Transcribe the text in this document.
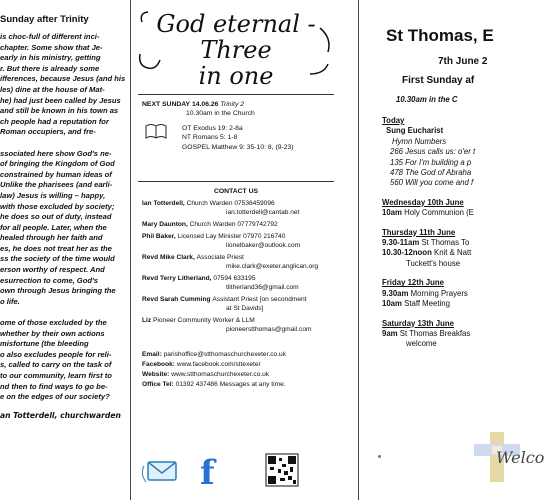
Sunday after Trinity
is choc-full of different inci-
chapter. Some show that Je-
early in his ministry, getting
r. But there is already some
ifferences, because Jesus (and his
les) dine at the house of Mat-
he) had just been called by Jesus
and still be known in his town as
ch people had a reputation for
Roman occupiers, and fre-
ssociated here show God's ne-
of bringing the Kingdom of God
constrained by human ideas of
Unlike the pharisees (and earli-
law) Jesus is willing – happy,
with those excluded by society;
he does so out of duty, instead
for all people. Later, when the
healed through her faith and
es, he does not treat her as the
ss the society of the time would
erson worthy of respect. And
esurrection to come, God's
own through Jesus bringing the
o life.
ome of those excluded by the
whether by their own actions
misfortune (the bleeding
o also excludes people for reli-
s, called to carry on the task of
to our community, learn first to
nd then to find ways to go be-
e on the edges of our society?
an Totterdell, churchwarden
God eternal -
Three
in one
NEXT SUNDAY 14.06.26 Trinity 2
10.30am in the Church
OT Exodus 19: 2-8a
NT Romans 5: 1-8
GOSPEL Matthew 9: 35-10: 8, (9-23)
CONTACT US
Ian Totterdell, Church Warden 07536459096
ian.totterdell@cantab.net
Mary Daunton, Church Warden 07779742792
Phil Baker, Licensed Lay Minister 07970 216740
lionelbaker@outlook.com
Revd Mike Clark, Associate Priest
mike.clark@exeter.anglican.org
Revd Terry Litherland, 07594 633195
tlitherland36@gmail.com
Revd Sarah Cumming Assistant Priest [on secondment
at St Davids]
Liz Pioneer Community Worker & LLM
pioneerstthomas@gmail.com
Email: parishoffice@stthomaschurchexeter.co.uk
Facebook: www.facebook.com/sttexeter
Website: www.stthomaschurchexeter.co.uk
Office Tel: 01392 437486 Messages at any time.
f
St Thomas, E
7th June 2
First Sunday af
10.30am in the C
Today
Sung Eucharist
Hymn Numbers
266 Jesus calls us: o'er t
135 For I'm building a p
478 The God of Abraha
560 Will you come and f
Wednesday 10th June
10am Holy Communion (E
Thursday 11th June
9.30-11am St Thomas To
10.30-12noon Knit & Natt
Tuckett's house
Friday 12th June
9.30am Morning Prayers
10am Staff Meeting
Saturday 13th June
9am St Thomas Breakfas
welcome
Welco
